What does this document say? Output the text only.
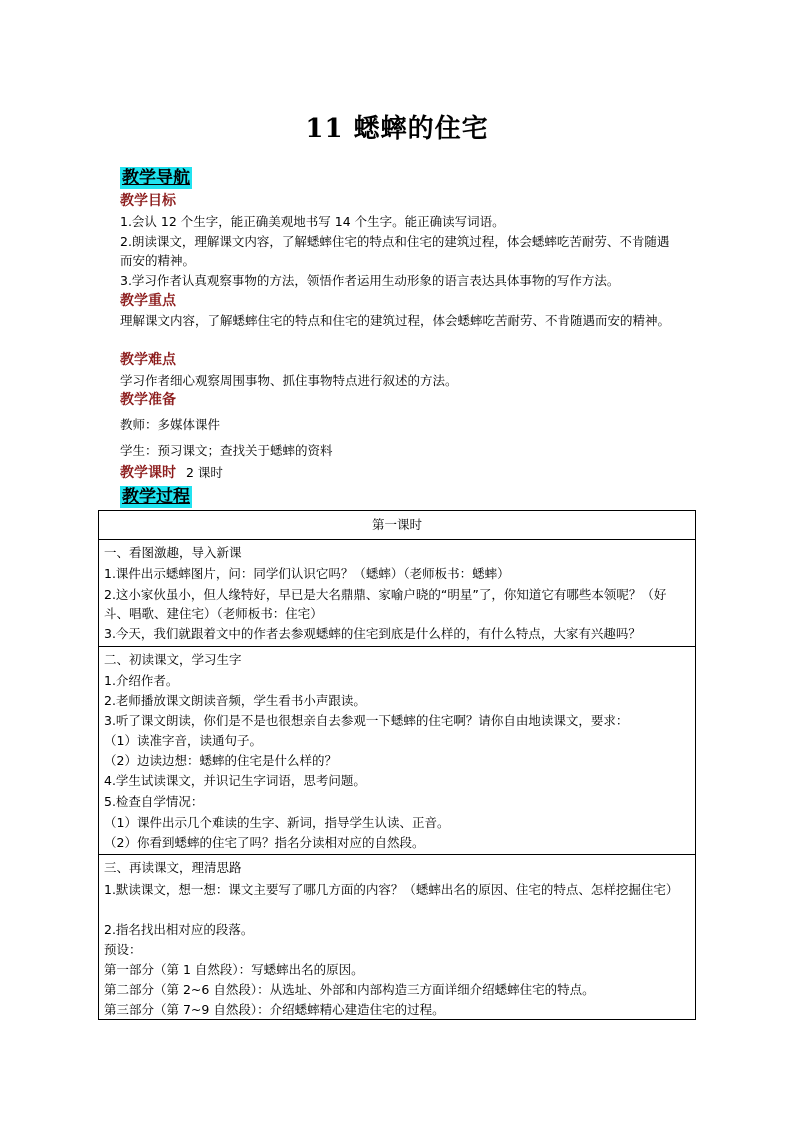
11 蟋蟀的住宅
教学导航
教学目标
1.会认 12 个生字，能正确美观地书写 14 个生字。能正确读写词语。
2.朗读课文，理解课文内容，了解蟋蟀住宅的特点和住宅的建筑过程，体会蟋蟀吃苦耐劳、不肯随遇而安的精神。
3.学习作者认真观察事物的方法，领悟作者运用生动形象的语言表达具体事物的写作方法。
教学重点
理解课文内容，了解蟋蟀住宅的特点和住宅的建筑过程，体会蟋蟀吃苦耐劳、不肯随遇而安的精神。
教学难点
学习作者细心观察周围事物、抓住事物特点进行叙述的方法。
教学准备
教师：多媒体课件
学生：预习课文；查找关于蟋蟀的资料
教学课时 2 课时
教学过程
第一课时
一、看图激趣，导入新课
1.课件出示蟋蟀图片，问：同学们认识它吗？（蟋蟀）（老师板书：蟋蟀）
2.这小家伙虽小，但人缘特好，早已是大名鼎鼎、家喻户晓的“明星”了，你知道它有哪些本领呢？（好斗、唱歌、建住宅）（老师板书：住宅）
3.今天，我们就跟着文中的作者去参观蟋蟀的住宅到底是什么样的，有什么特点，大家有兴趣吗？
二、初读课文，学习生字
1.介绍作者。
2.老师播放课文朗读音频，学生看书小声跟读。
3.听了课文朗读，你们是不是也很想亲自去参观一下蟋蟀的住宅啊？请你自由地读课文，要求：
（1）读准字音，读通句子。
（2）边读边想：蟋蟀的住宅是什么样的？
4.学生试读课文，并识记生字词语，思考问题。
5.检查自学情况：
（1）课件出示几个难读的生字、新词，指导学生认读、正音。
（2）你看到蟋蟀的住宅了吗？指名分读相对应的自然段。
三、再读课文，理清思路
1.默读课文，想一想：课文主要写了哪几方面的内容？（蟋蟀出名的原因、住宅的特点、怎样挖掘住宅）
2.指名找出相对应的段落。
预设：
第一部分（第 1 自然段）：写蟋蟀出名的原因。
第二部分（第 2~6 自然段）：从选址、外部和内部构造三方面详细介绍蟋蟀住宅的特点。
第三部分（第 7~9 自然段）：介绍蟋蟀精心建造住宅的过程。
